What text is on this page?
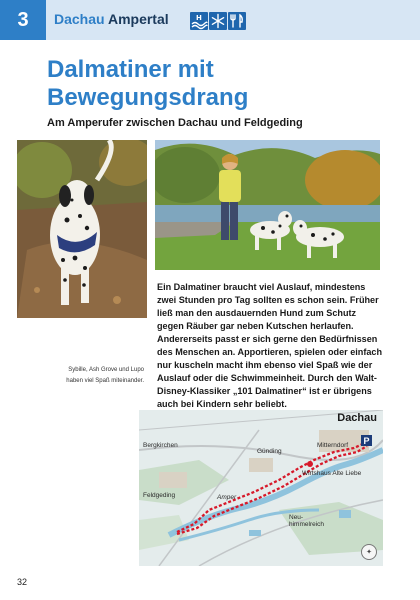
3	Dachau Ampertal	H
Dalmatiner mit Bewegungsdrang
Am Amperufer zwischen Dachau und Feldgeding
Sybille, Ash Grove und Lupo haben viel Spaß miteinander.
Ein Dalmatiner braucht viel Auslauf, mindestens zwei Stunden pro Tag sollten es schon sein. Früher ließ man den ausdauernden Hund zum Schutz gegen Räuber gar neben Kutschen herlaufen. Andererseits passt er sich gerne den Bedürfnissen des Menschen an. Apportieren, spielen oder einfach nur kuscheln macht ihm ebenso viel Spaß wie der Auslauf oder die Schwimmeinheit. Durch den Walt-Disney-Klassiker „101 Dalmatiner“ ist er übrigens auch bei Kindern sehr beliebt.
Dachau
P
Bergkirchen
Günding
Mitterndorf
Wirtshaus Alte Liebe
Feldgeding	Amper
Neu-
himmelreich
✦
32
